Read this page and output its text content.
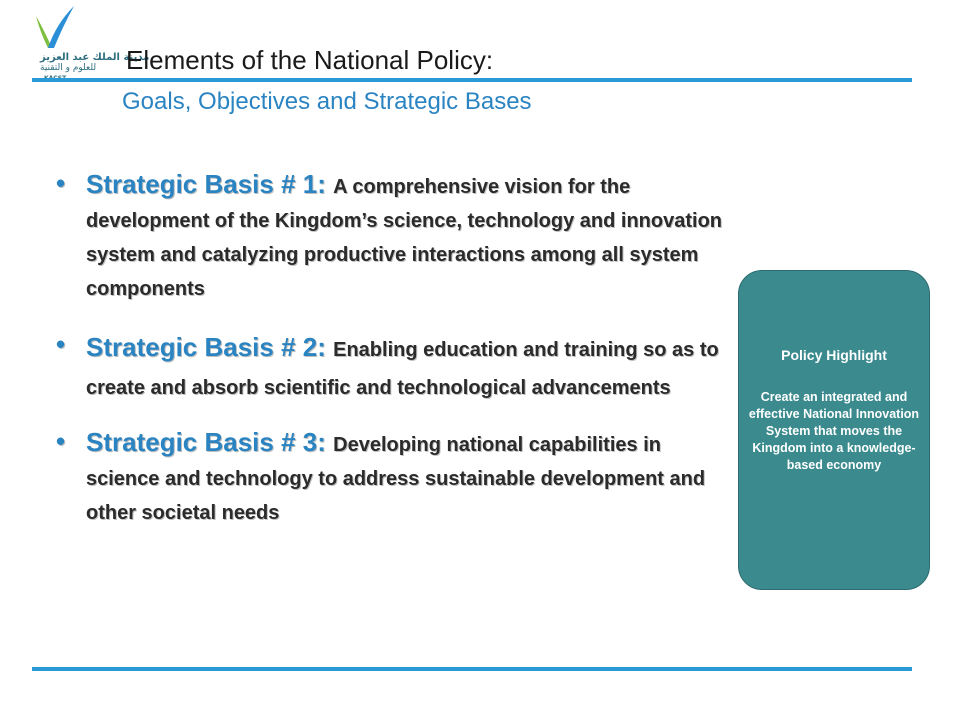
مدينة الملك عبد العزيز
للعلوم و التقنية Elements of the National Policy:
Goals, Objectives and Strategic Bases
• Strategic Basis # 1: A comprehensive vision for the development of the Kingdom’s science, technology and innovation system and catalyzing productive interactions among all system components
• Strategic Basis # 2: Enabling education and training so as to create and absorb scientific and technological advancements
• Strategic Basis # 3: Developing national capabilities in science and technology to address sustainable development and other societal needs
Policy Highlight
Create an integrated and effective National Innovation System that moves the Kingdom into a knowledge-based economy
